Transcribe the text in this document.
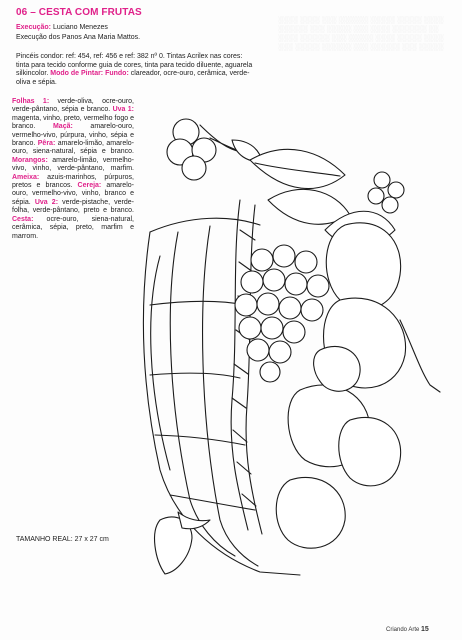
░░░░ ░░░░ ░░░ ░░░░░░ ░░░░░ ░░░░░ ░░░░
░░░░░░ ░░░ ░░░░░ ░░░ ░░░░ ░░░░░░░ ░░
░░░░ ░░░░░░ ░░░ ░░░░░ ░░░░ ░░░░░ ░░░░
░░░ ░░░░░ ░░░░░░ ░░░ ░░░░░░ ░░░ ░░░░░
06 – CESTA COM FRUTAS
Execução: Luciano Menezes
Execução dos Panos Ana Maria Mattos.
Pincéis condor: ref: 454, ref: 456 e ref: 382 nº 0. Tintas Acrilex nas cores: tinta para tecido conforme guia de cores, tinta para tecido diluente, aguarela silkincolor. Modo de Pintar: Fundo: clareador, ocre-ouro, cerâmica, verde-oliva e sépia.
Folhas 1: verde-oliva, ocre-ouro, verde-pântano, sépia e branco. Uva 1: magenta, vinho, preto, vermelho fogo e branco.	Maçã:	amarelo-ouro, vermelho-vivo, púrpura, vinho, sépia e branco. Pêra: amarelo-limão, amarelo-ouro, siena-natural, sépia e branco. Morangos: amarelo-limão, vermelho-vivo, vinho, verde-pântano, marfim. Ameixa: azuis-marinhos, púrpuros, pretos e brancos. Cereja: amarelo-ouro, vermelho-vivo, vinho, branco e sépia. Uva 2: verde-pistache, verde-folha, verde-pântano, preto e branco. Cesta: ocre-ouro, siena-natural, cerâmica, sépia, preto, marfim e marrom.
TAMANHO REAL: 27 x 27 cm
Criando Arte 15
